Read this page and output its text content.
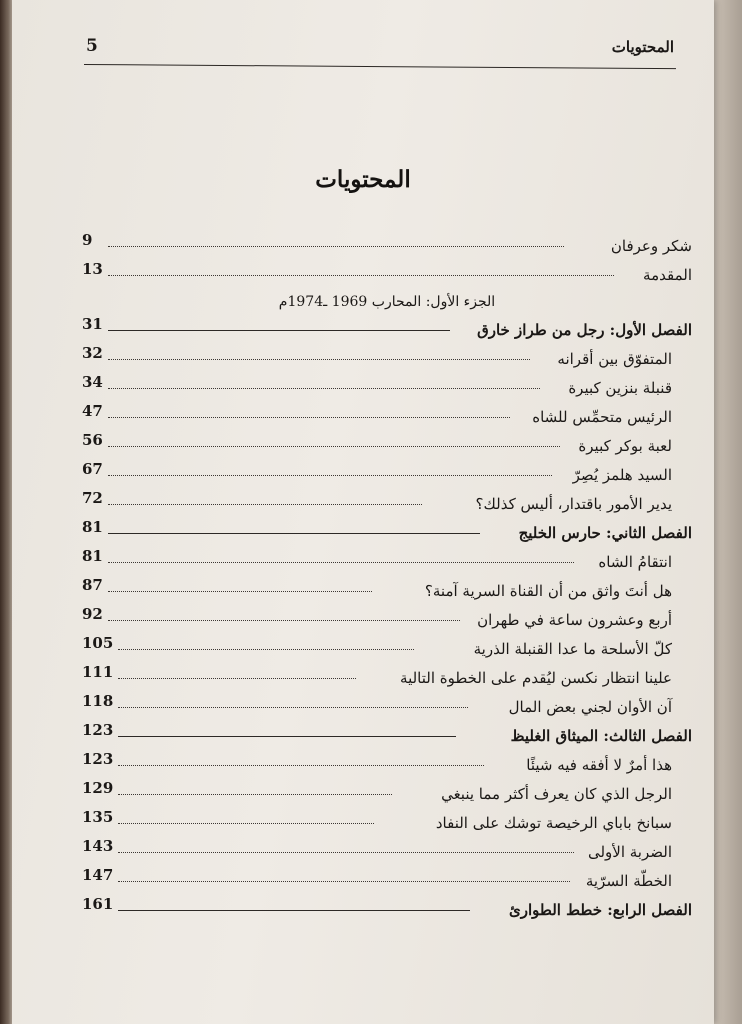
المحتويات
5
المحتويات
شكر وعرفان
9
المقدمة
13
الجزء الأول: المحارب 1969 ـ1974م
الفصل الأول: رجل من طراز خارق
31
المتفوّق بين أقرانه
32
قنبلة بنزين كبيرة
34
الرئيس متحمِّس للشاه
47
لعبة بوكر كبيرة
56
السيد هلمز يُصِرّ
67
يدير الأمور باقتدار، أليس كذلك؟
72
الفصل الثاني: حارس الخليج
81
انتقامُ الشاه
81
هل أنتَ واثق من أن القناة السرية آمنة؟
87
أربع وعشرون ساعة في طهران
92
كلّ الأسلحة ما عدا القنبلة الذرية
105
علينا انتظار نكسن ليُقدم على الخطوة التالية
111
آن الأوان لجني بعض المال
118
الفصل الثالث: الميثاق الغليظ
123
هذا أمرٌ لا أفقه فيه شيئًا
123
الرجل الذي كان يعرف أكثر مما ينبغي
129
سبانخ باباي الرخيصة توشك على النفاد
135
الضربة الأولى
143
الخطّة السرّية
147
الفصل الرابع: خطط الطوارئ
161
